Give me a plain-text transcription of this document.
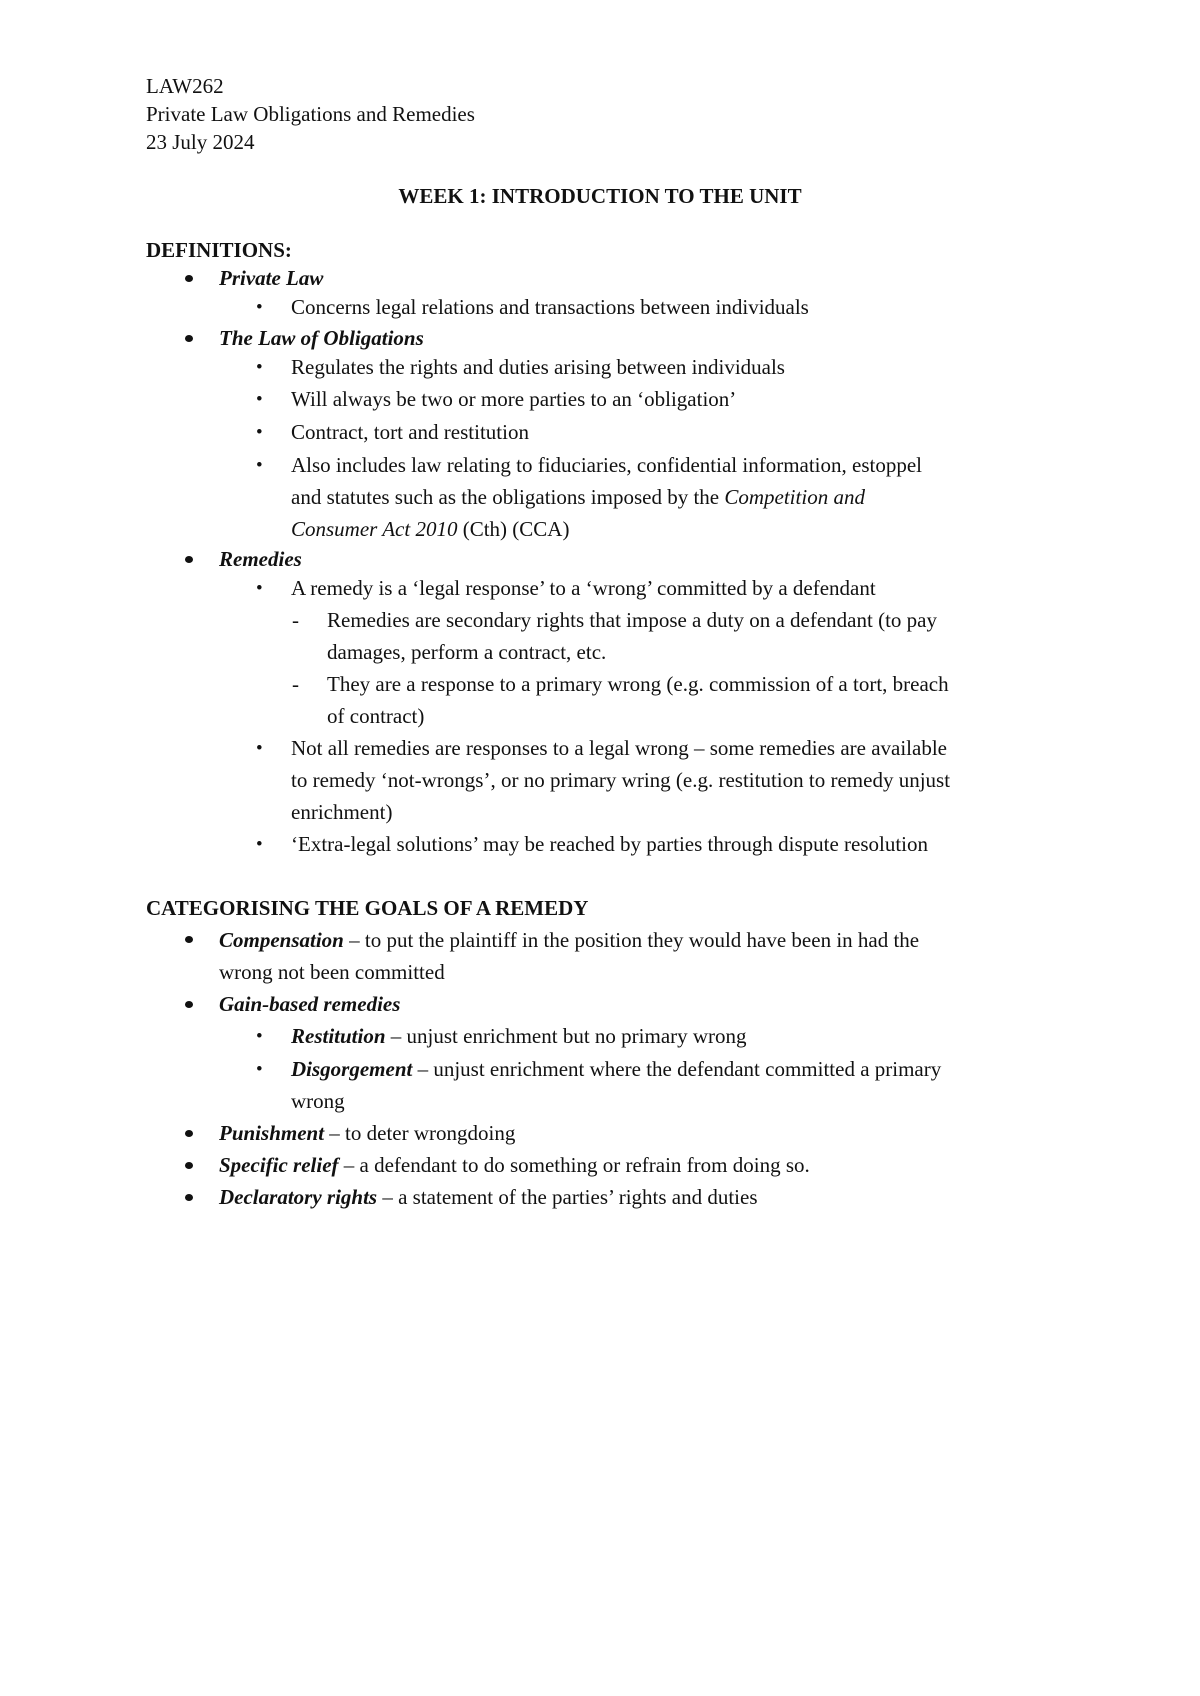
LAW262
Private Law Obligations and Remedies
23 July 2024
WEEK 1: INTRODUCTION TO THE UNIT
DEFINITIONS:
Private Law
• Concerns legal relations and transactions between individuals
The Law of Obligations
• Regulates the rights and duties arising between individuals
• Will always be two or more parties to an ‘obligation’
• Contract, tort and restitution
• Also includes law relating to fiduciaries, confidential information, estoppel
and statutes such as the obligations imposed by the Competition and
Consumer Act 2010 (Cth) (CCA)
Remedies
• A remedy is a ‘legal response’ to a ‘wrong’ committed by a defendant
- Remedies are secondary rights that impose a duty on a defendant (to pay
damages, perform a contract, etc.
- They are a response to a primary wrong (e.g. commission of a tort, breach
of contract)
• Not all remedies are responses to a legal wrong – some remedies are available
to remedy ‘not-wrongs’, or no primary wring (e.g. restitution to remedy unjust
enrichment)
• ‘Extra-legal solutions’ may be reached by parties through dispute resolution
CATEGORISING THE GOALS OF A REMEDY
Compensation – to put the plaintiff in the position they would have been in had the
wrong not been committed
Gain-based remedies
• Restitution – unjust enrichment but no primary wrong
• Disgorgement – unjust enrichment where the defendant committed a primary
wrong
Punishment – to deter wrongdoing
Specific relief – a defendant to do something or refrain from doing so.
Declaratory rights – a statement of the parties’ rights and duties
